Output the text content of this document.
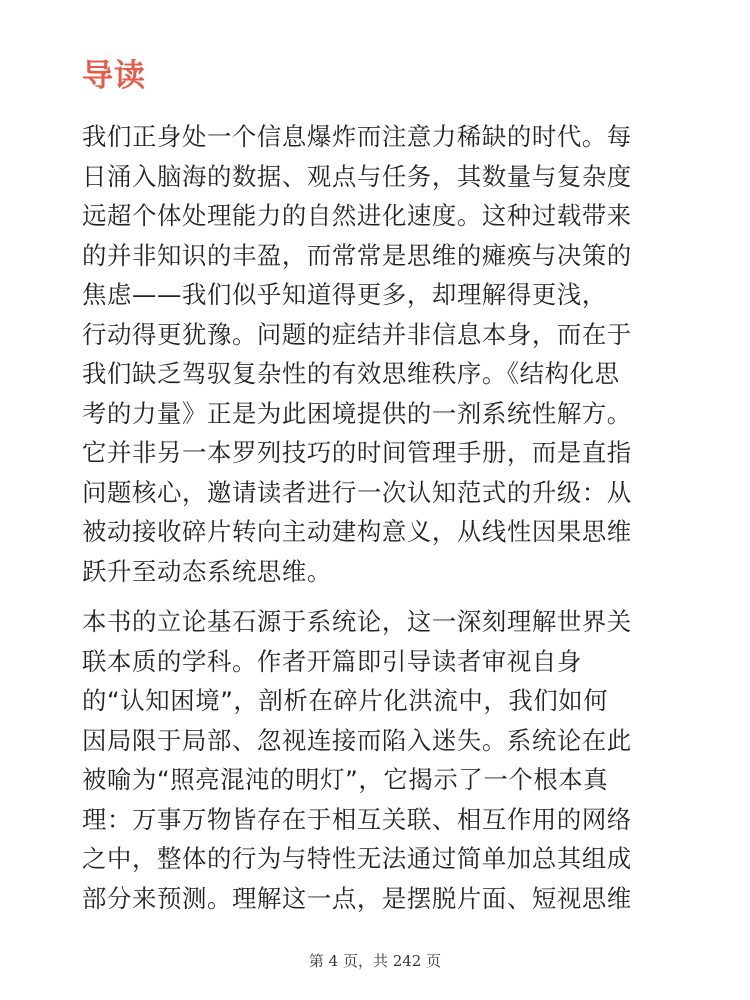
导读

我们正身处一个信息爆炸而注意力稀缺的时代。每
日涌入脑海的数据、观点与任务，其数量与复杂度
远超个体处理能力的自然进化速度。这种过载带来
的并非知识的丰盈，而常常是思维的瘫痪与决策的
焦虑——我们似乎知道得更多，却理解得更浅，
行动得更犹豫。问题的症结并非信息本身，而在于
我们缺乏驾驭复杂性的有效思维秩序。《结构化思
考的力量》正是为此困境提供的一剂系统性解方。
它并非另一本罗列技巧的时间管理手册，而是直指
问题核心，邀请读者进行一次认知范式的升级：从
被动接收碎片转向主动建构意义，从线性因果思维
跃升至动态系统思维。

本书的立论基石源于系统论，这一深刻理解世界关
联本质的学科。作者开篇即引导读者审视自身
的“认知困境”，剖析在碎片化洪流中，我们如何
因局限于局部、忽视连接而陷入迷失。系统论在此
被喻为“照亮混沌的明灯”，它揭示了一个根本真
理：万事万物皆存在于相互关联、相互作用的网络
之中，整体的行为与特性无法通过简单加总其组成
部分来预测。理解这一点，是摆脱片面、短视思维

第 4 页，共 242 页
